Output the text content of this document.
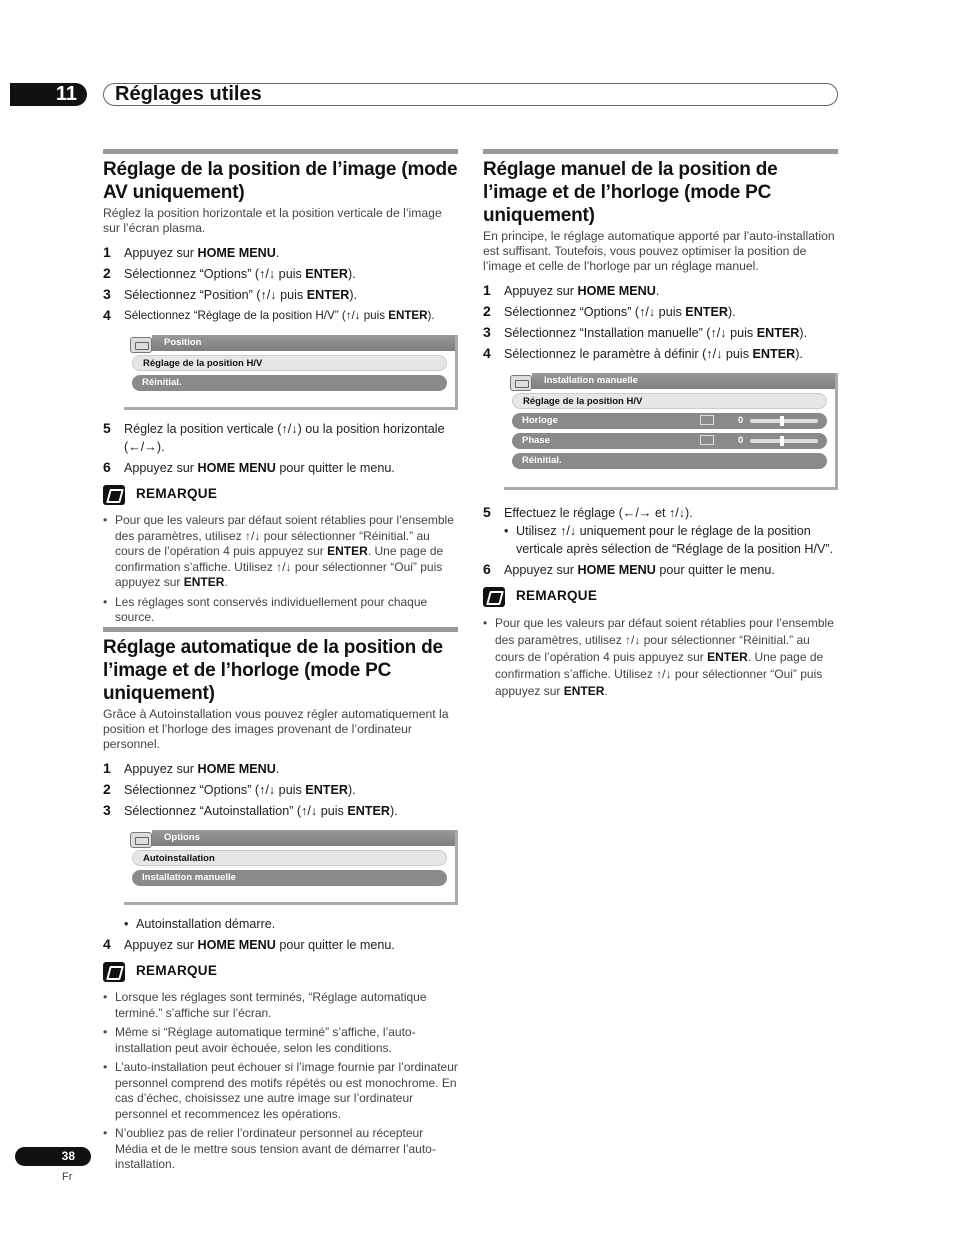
11	Réglages utiles
Réglage de la position de l’image (mode AV uniquement)

Réglez la position horizontale et la position verticale de l’image sur l’écran plasma.

1 Appuyez sur HOME MENU.
2 Sélectionnez “Options” (↑/↓ puis ENTER).
3 Sélectionnez “Position” (↑/↓ puis ENTER).
4 Sélectionnez “Réglage de la position H/V” (↑/↓ puis ENTER).
Position
Réglage de la position H/V
Réinitial.
5 Réglez la position verticale (↑/↓) ou la position horizontale (←/→).
6 Appuyez sur HOME MENU pour quitter le menu.
REMARQUE
• Pour que les valeurs par défaut soient rétablies pour l’ensemble des paramètres, utilisez ↑/↓ pour sélectionner “Réinitial.” au cours de l’opération 4 puis appuyez sur ENTER. Une page de confirmation s’affiche. Utilisez ↑/↓ pour sélectionner “Oui” puis appuyez sur ENTER.
• Les réglages sont conservés individuellement pour chaque source.
Réglage automatique de la position de l’image et de l’horloge (mode PC uniquement)

Grâce à Autoinstallation vous pouvez régler automatiquement la position et l’horloge des images provenant de l’ordinateur personnel.

1 Appuyez sur HOME MENU.
2 Sélectionnez “Options” (↑/↓ puis ENTER).
3 Sélectionnez “Autoinstallation” (↑/↓ puis ENTER).
Options
Autoinstallation
Installation manuelle
• Autoinstallation démarre.
4 Appuyez sur HOME MENU pour quitter le menu.
REMARQUE
• Lorsque les réglages sont terminés, “Réglage automatique terminé.” s’affiche sur l’écran.
• Même si “Réglage automatique terminé” s’affiche, l’auto-installation peut avoir échouée, selon les conditions.
• L’auto-installation peut échouer si l’image fournie par l’ordinateur personnel comprend des motifs répétés ou est monochrome. En cas d’échec, choisissez une autre image sur l’ordinateur personnel et recommencez les opérations.
• N’oubliez pas de relier l’ordinateur personnel au récepteur Média et de le mettre sous tension avant de démarrer l’auto-installation.
Réglage manuel de la position de l’image et de l’horloge (mode PC uniquement)

En principe, le réglage automatique apporté par l’auto-installation est suffisant. Toutefois, vous pouvez optimiser la position de l’image et celle de l’horloge par un réglage manuel.

1 Appuyez sur HOME MENU.
2 Sélectionnez “Options” (↑/↓ puis ENTER).
3 Sélectionnez “Installation manuelle” (↑/↓ puis ENTER).
4 Sélectionnez le paramètre à définir (↑/↓ puis ENTER).
Installation manuelle
Réglage de la position H/V
Horloge	0
Phase	0
Réinitial.
5 Effectuez le réglage (←/→ et ↑/↓).
• Utilisez ↑/↓ uniquement pour le réglage de la position verticale après sélection de “Réglage de la position H/V”.
6 Appuyez sur HOME MENU pour quitter le menu.
REMARQUE
• Pour que les valeurs par défaut soient rétablies pour l’ensemble des paramètres, utilisez ↑/↓ pour sélectionner “Réinitial.” au cours de l’opération 4 puis appuyez sur ENTER. Une page de confirmation s’affiche. Utilisez ↑/↓ pour sélectionner “Oui” puis appuyez sur ENTER.
38
Fr
